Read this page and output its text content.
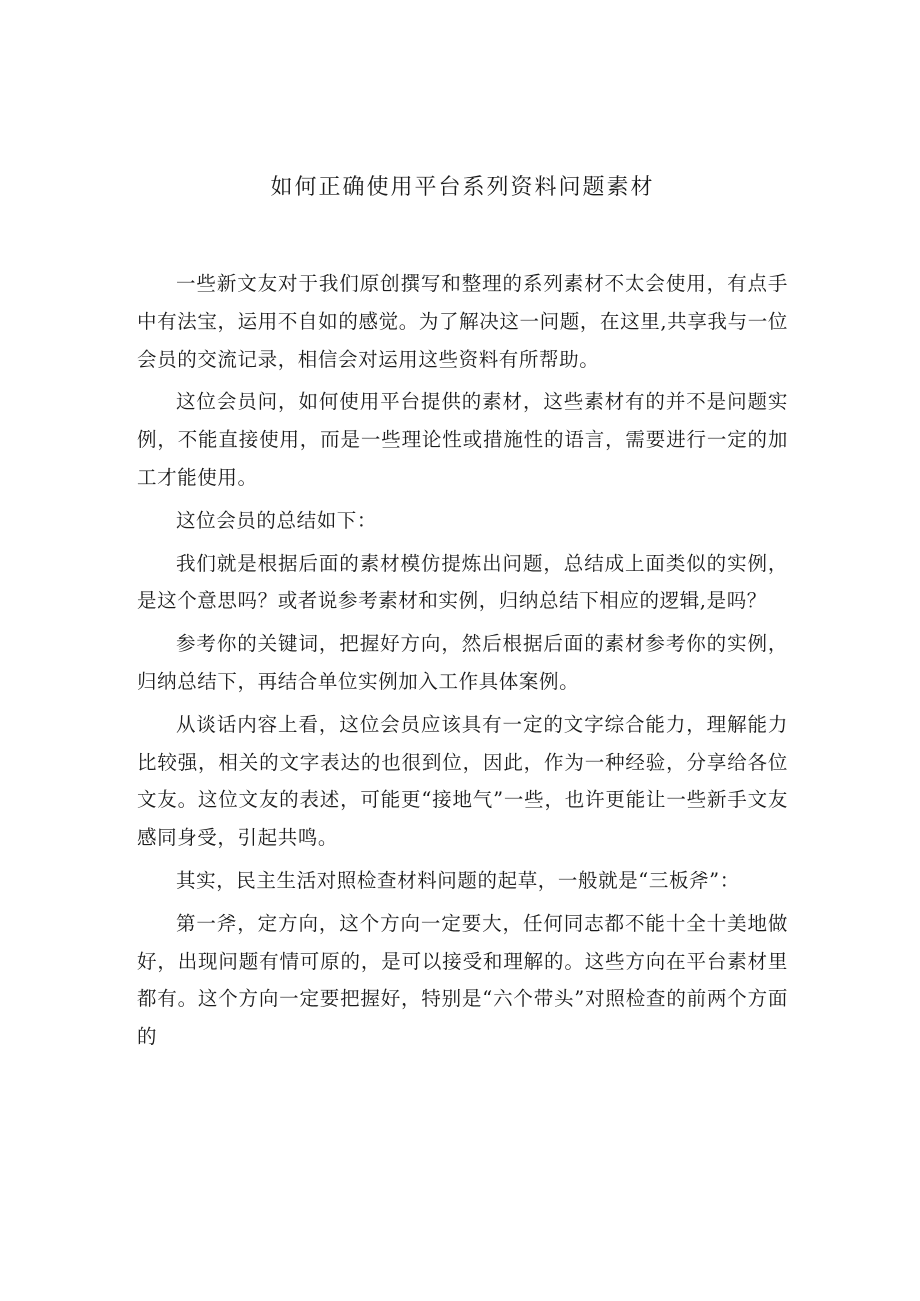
如何正确使用平台系列资料问题素材

一些新文友对于我们原创撰写和整理的系列素材不太会使用，有点手中有法宝，运用不自如的感觉。为了解决这一问题，在这里,共享我与一位会员的交流记录，相信会对运用这些资料有所帮助。

这位会员问，如何使用平台提供的素材，这些素材有的并不是问题实例，不能直接使用，而是一些理论性或措施性的语言，需要进行一定的加工才能使用。

这位会员的总结如下：

我们就是根据后面的素材模仿提炼出问题，总结成上面类似的实例，是这个意思吗？或者说参考素材和实例，归纳总结下相应的逻辑,是吗？

参考你的关键词，把握好方向，然后根据后面的素材参考你的实例，归纳总结下，再结合单位实例加入工作具体案例。

从谈话内容上看，这位会员应该具有一定的文字综合能力，理解能力比较强，相关的文字表达的也很到位，因此，作为一种经验，分享给各位文友。这位文友的表述，可能更“接地气”一些，也许更能让一些新手文友感同身受，引起共鸣。

其实，民主生活对照检查材料问题的起草，一般就是“三板斧”：

第一斧，定方向，这个方向一定要大，任何同志都不能十全十美地做好，出现问题有情可原的，是可以接受和理解的。这些方向在平台素材里都有。这个方向一定要把握好，特别是“六个带头”对照检查的前两个方面的
